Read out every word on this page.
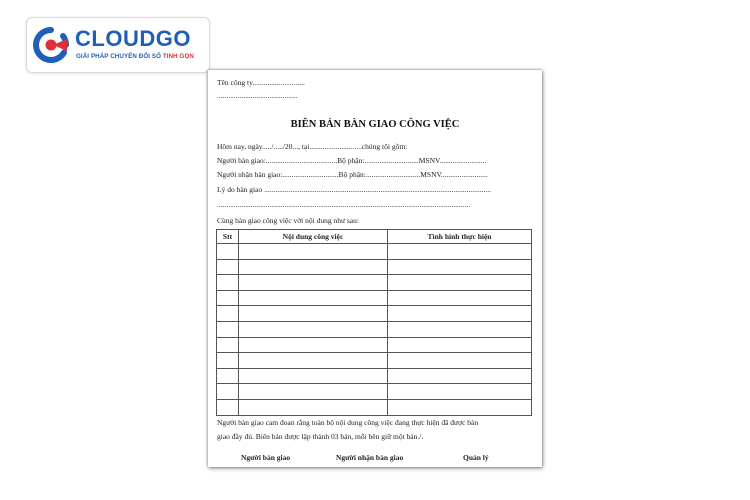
CLOUDGO
GIẢI PHÁP CHUYỂN ĐỔI SỐ TINH GỌN
Tên công ty............................
...........................................
BIÊN BẢN BÀN GIAO CÔNG VIỆC
Hôm nay, ngày...../...../20..., tại............................chúng tôi gồm:
Người bàn giao:......................................Bộ phận:.............................MSNV.........................
Người nhận bàn giao:..............................Bộ phận:.............................MSNV.........................
Lý do bàn giao .........................................................................................................................
.......................................................................................................................................
Cùng bàn giao công việc với nội dung như sau:
Stt	Nội dung công việc	Tình hình thực hiện

Người bàn giao cam đoan rằng toàn bộ nội dung công việc đang thực hiện đã được bàn
giao đầy đủ. Biên bản được lập thành 03 bản, mỗi bên giữ một bản./.
Người bàn giao	Người nhận bàn giao	Quản lý
